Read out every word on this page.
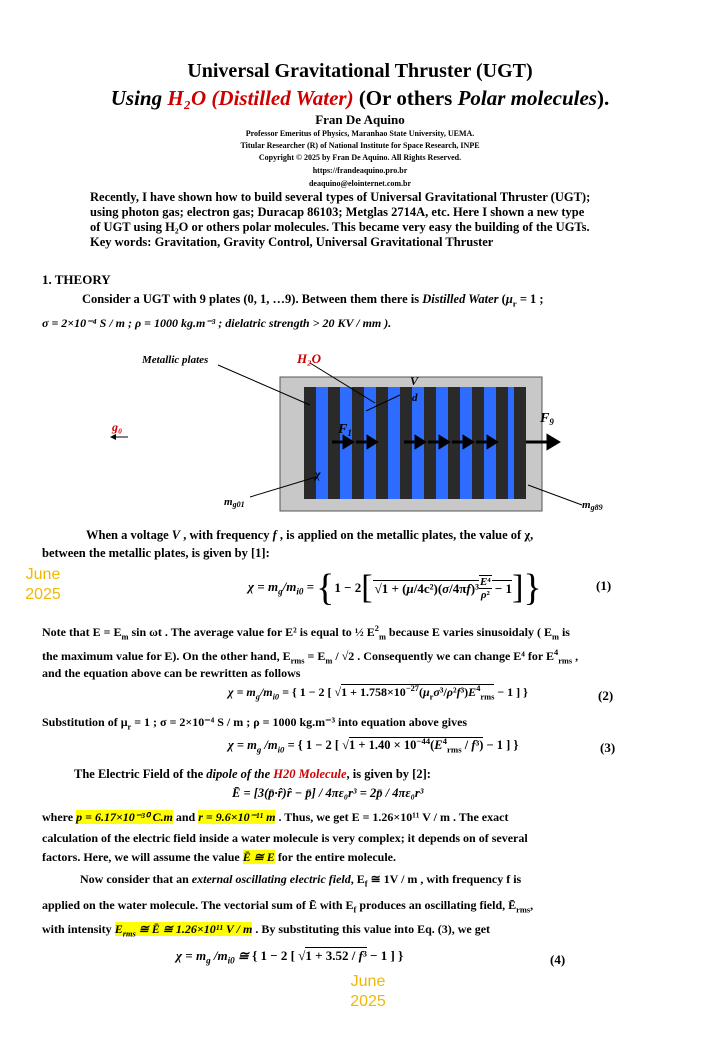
Universal Gravitational Thruster (UGT)
Using H₂O (Distilled Water) (Or others Polar molecules).
Fran De Aquino
Professor Emeritus of Physics, Maranhao State University, UEMA.
Titular Researcher (R) of National Institute for Space Research, INPE
Copyright © 2025 by Fran De Aquino. All Rights Reserved.
https://frandeaquino.pro.br
deaquino@elointernet.com.br
Recently, I have shown how to build several types of Universal Gravitational Thruster (UGT);
using photon gas; electron gas; Duracap 86103; Metglas 2714A, etc. Here I shown a new type
of UGT using H₂O or others polar molecules. This became very easy the building of the UGTs.
Key words: Gravitation, Gravity Control, Universal Gravitational Thruster
1. THEORY
Consider a UGT with 9 plates (0, 1, …9). Between them there is Distilled Water ($\mu_r = 1$ ;
σ = 2×10⁻⁴ S / m ; ρ = 1000 kg.m⁻³ ; dielatric strength > 20 KV / mm ).
Metallic plates	H₂O
V
d
$F_1$
$F_9$
g₀
χ
mg01	mg89
When a voltage V , with frequency f , is applied on the metallic plates, the value of χ,
between the metallic plates, is given by [1]:
June
2025	$\chi = m_g/m_{i0}$ = { 1 − 2 [ √ $1 + (\mu/4c^2)(\sigma/4\pi f)^3 \frac{\text{E⁴}}{\text{ρ²}} - 1$ ] }	(1)
Note that $E = E_m$ sin ωt . The average value for E² is equal to ½ $E^2_m$ because E varies sinusoidaly ( $E_m$ is
the maximum value for E). On the other hand, $E_{rms} = E_m / √2$ . Consequently we can change E⁴ for $E^4_{rms}$ ,
and the equation above can be rewritten as follows
$\chi = m_g/m_{i0}$ = { 1 − 2 [ $√1 + 1.758\times 10^{-27}(\mu_r\sigma^3/\rho^2f^3)E^4_{rms} - 1$ ] }	(2)
Substitution of $\mu_r = 1$ ; σ = 2×10⁻⁴ S / m ; ρ = 1000 kg.m⁻³ into equation above gives
$\chi = m_g$ $/m_{i0}$ = { 1 − 2 [ $√1 + 1.40 \times 10^{-44}(E^4_{rms} / f^3) - 1$ ] }	(3)
The Electric Field of the dipole of the H20 Molecule, is given by [2]:
Ē = [3(p̄·r̂)r̂ − p̄] / 4πε₀r³ = 2p̄ / 4πε₀r³
where p = 6.17×10⁻³⁰ C.m and r = 9.6×10⁻¹¹ m . Thus, we get E = 1.26×10¹¹ V / m . The exact
calculation of the electric field inside a water molecule is very complex; it depends on of several
factors. Here, we will assume the value Ē ≅ E for the entire molecule.
Now consider that an external oscillating electric field, $E_f$ ≅ 1V / m , with frequency f is
applied on the water molecule. The vectorial sum of Ē with $E_f$ produces an oscillating field, $Ē_{rms}$,
with intensity $E_{rms}$ ≅ Ē ≅ 1.26×10¹¹ V / m . By substituting this value into Eq. (3), we get
$\chi = m_g$ $/m_{i0}$ ≅ { 1 − 2 [ √1 + 3.52 / f³ − 1 ] }	(4)
June
2025
